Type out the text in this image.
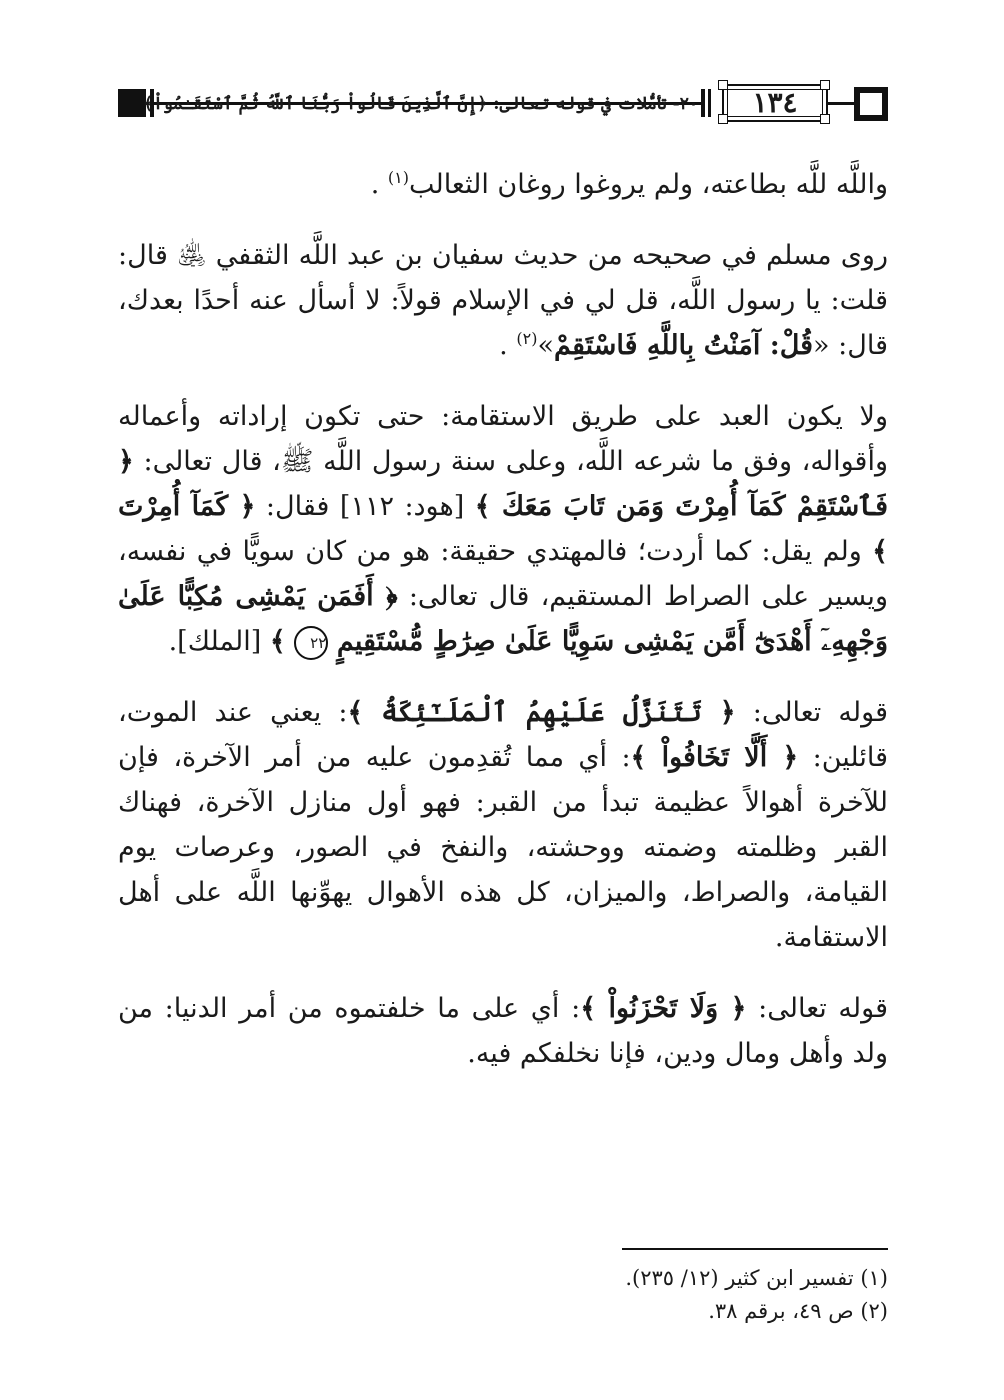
٢٠- تأمُّلات في قوله تعالى: ﴿إِنَّ ٱلَّذِينَ قَالُواْ رَبُّنَا ٱللَّهُ ثُمَّ ٱسْتَقَـٰمُواْ﴾	١٣٤

واللَّه للَّه بطاعته، ولم يروغوا روغان الثعالب$^{(١)}$ .

روى مسلم في صحيحه من حديث سفيان بن عبد اللَّه الثقفي ﵁ قال: قلت: يا رسول اللَّه، قل لي في الإسلام قولاً: لا أسأل عنه أحدًا بعدك، قال: «قُلْ: آمَنْتُ بِاللَّهِ فَاسْتَقِمْ»$^{(٢)}$ .

ولا يكون العبد على طريق الاستقامة: حتى تكون إراداته وأعماله وأقواله، وفق ما شرعه اللَّه، وعلى سنة رسول اللَّه ﷺ، قال تعالى: ﴿ فَٱسْتَقِمْ كَمَآ أُمِرْتَ وَمَن تَابَ مَعَكَ ﴾ [هود: ١١٢] فقال: ﴿ كَمَآ أُمِرْتَ ﴾ ولم يقل: كما أردت؛ فالمهتدي حقيقة: هو من كان سويًّا في نفسه، ويسير على الصراط المستقيم، قال تعالى: ﴿ أَفَمَن يَمْشِى مُكِبًّا عَلَىٰ وَجْهِهِۦٓ أَهْدَىٰٓ أَمَّن يَمْشِى سَوِيًّا عَلَىٰ صِرَٰطٍ مُّسْتَقِيمٍ ٢٢ ﴾ [الملك].

قوله تعالى: ﴿ تَتَنَزَّلُ عَلَيْهِمُ ٱلْمَلَـٰٓئِكَةُ ﴾: يعني عند الموت، قائلين: ﴿ أَلَّا تَخَافُواْ ﴾: أي مما تُقدِمون عليه من أمر الآخرة، فإن للآخرة أهوالاً عظيمة تبدأ من القبر: فهو أول منازل الآخرة، فهناك القبر وظلمته وضمته ووحشته، والنفخ في الصور، وعرصات يوم القيامة، والصراط، والميزان، كل هذه الأهوال يهوِّنها اللَّه على أهل الاستقامة.

قوله تعالى: ﴿ وَلَا تَحْزَنُواْ ﴾: أي على ما خلفتموه من أمر الدنيا: من ولد وأهل ومال ودين، فإنا نخلفكم فيه.

(١) تفسير ابن كثير (١٢/ ٢٣٥).

(٢) ص ٤٩، برقم ٣٨.
